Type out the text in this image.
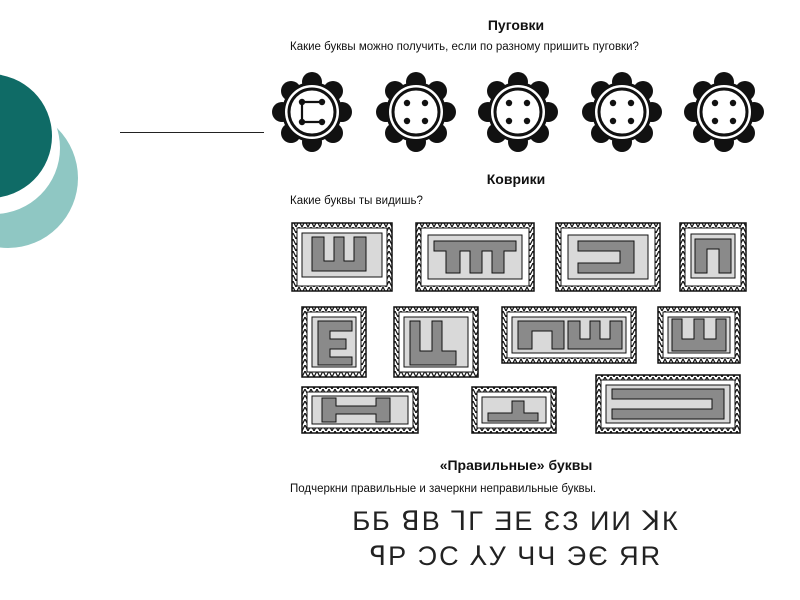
Пуговки
Какие буквы можно получить, если по разному пришить пуговки?
Коврики
Какие буквы ты видишь?
«Правильные» буквы
Подчеркни правильные и зачеркни неправильные буквы.
ƂБ ꓭВ ꓶГ ƎЕ ƐЗ ИИ ꓘК
ꟼР ƆС ⅄У ЧЧ ЭЄ ЯR
